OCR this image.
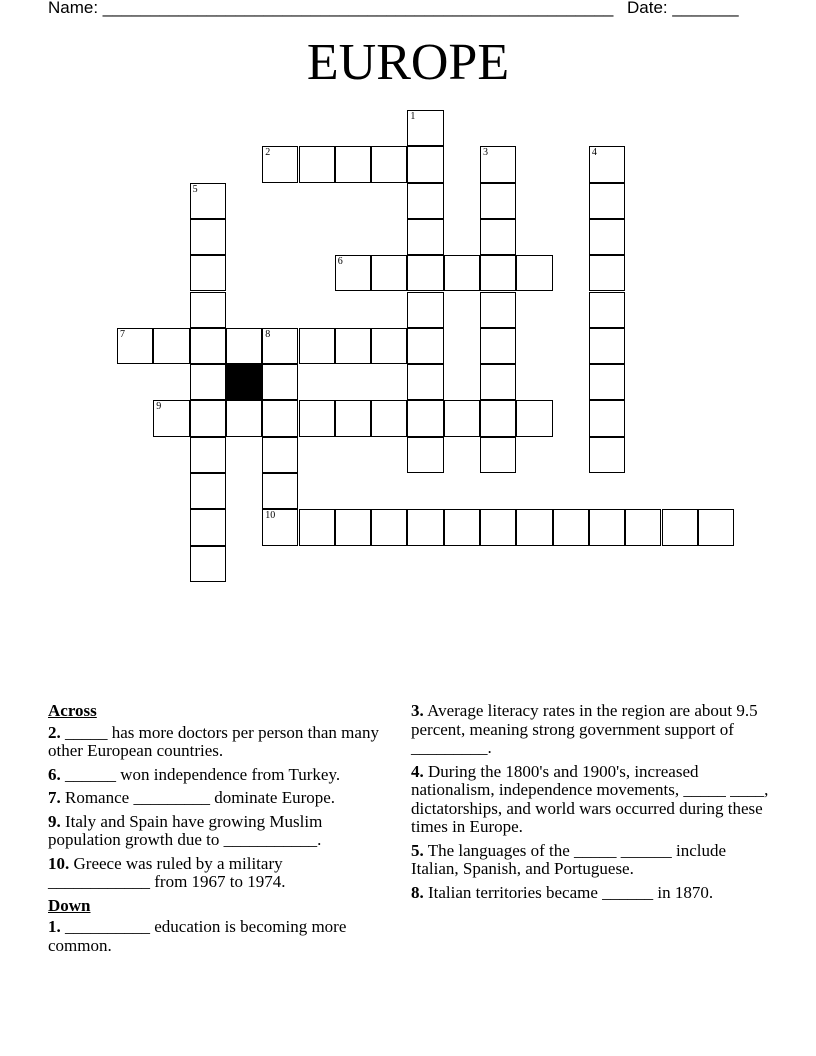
Name: ______________________________________________________ Date: _______
EUROPE
1
2	3	4
5
6
7	8
9
10
Across
2. _____ has more doctors per person than many other European countries.
6. ______ won independence from Turkey.
7. Romance _________ dominate Europe.
9. Italy and Spain have growing Muslim population growth due to ___________.
10. Greece was ruled by a military ____________ from 1967 to 1974.
Down
1. __________ education is becoming more common.
3. Average literacy rates in the region are about 9.5 percent, meaning strong government support of _________.
4. During the 1800's and 1900's, increased nationalism, independence movements, _____ ____, dictatorships, and world wars occurred during these times in Europe.
5. The languages of the _____ ______ include Italian, Spanish, and Portuguese.
8. Italian territories became ______ in 1870.
